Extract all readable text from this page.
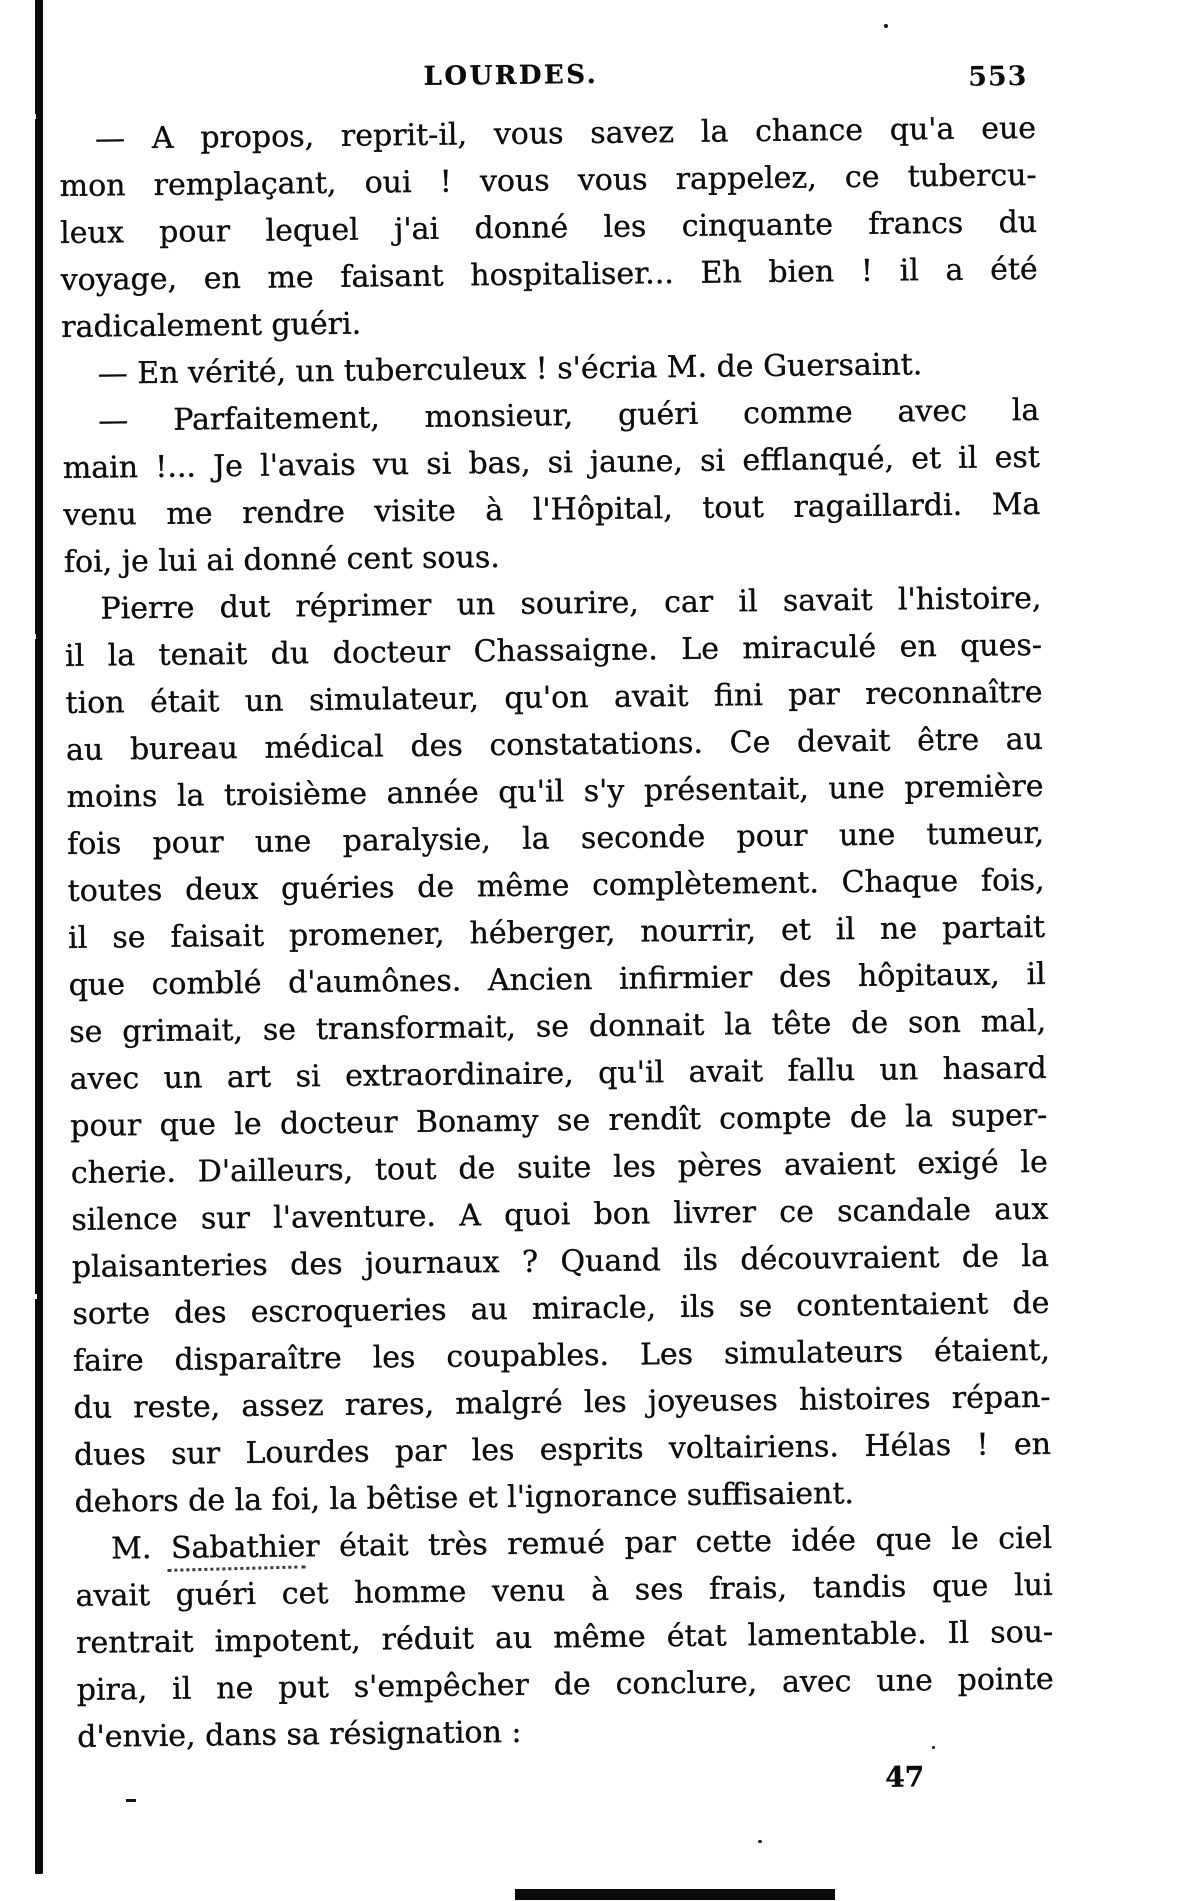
LOURDES.	553
— A propos, reprit-il, vous savez la chance qu'a eue
mon remplaçant, oui ! vous vous rappelez, ce tubercu-
leux pour lequel j'ai donné les cinquante francs du
voyage, en me faisant hospitaliser... Eh bien ! il a été
radicalement guéri.
— En vérité, un tuberculeux ! s'écria M. de Guersaint.
— Parfaitement, monsieur, guéri comme avec la
main !... Je l'avais vu si bas, si jaune, si efflanqué, et il est
venu me rendre visite à l'Hôpital, tout ragaillardi. Ma
foi, je lui ai donné cent sous.
Pierre dut réprimer un sourire, car il savait l'histoire,
il la tenait du docteur Chassaigne. Le miraculé en ques-
tion était un simulateur, qu'on avait fini par reconnaître
au bureau médical des constatations. Ce devait être au
moins la troisième année qu'il s'y présentait, une première
fois pour une paralysie, la seconde pour une tumeur,
toutes deux guéries de même complètement. Chaque fois,
il se faisait promener, héberger, nourrir, et il ne partait
que comblé d'aumônes. Ancien infirmier des hôpitaux, il
se grimait, se transformait, se donnait la tête de son mal,
avec un art si extraordinaire, qu'il avait fallu un hasard
pour que le docteur Bonamy se rendît compte de la super-
cherie. D'ailleurs, tout de suite les pères avaient exigé le
silence sur l'aventure. A quoi bon livrer ce scandale aux
plaisanteries des journaux ? Quand ils découvraient de la
sorte des escroqueries au miracle, ils se contentaient de
faire disparaître les coupables. Les simulateurs étaient,
du reste, assez rares, malgré les joyeuses histoires répan-
dues sur Lourdes par les esprits voltairiens. Hélas ! en
dehors de la foi, la bêtise et l'ignorance suffisaient.
M. Sabathier était très remué par cette idée que le ciel
avait guéri cet homme venu à ses frais, tandis que lui
rentrait impotent, réduit au même état lamentable. Il sou-
pira, il ne put s'empêcher de conclure, avec une pointe
d'envie, dans sa résignation :
47
